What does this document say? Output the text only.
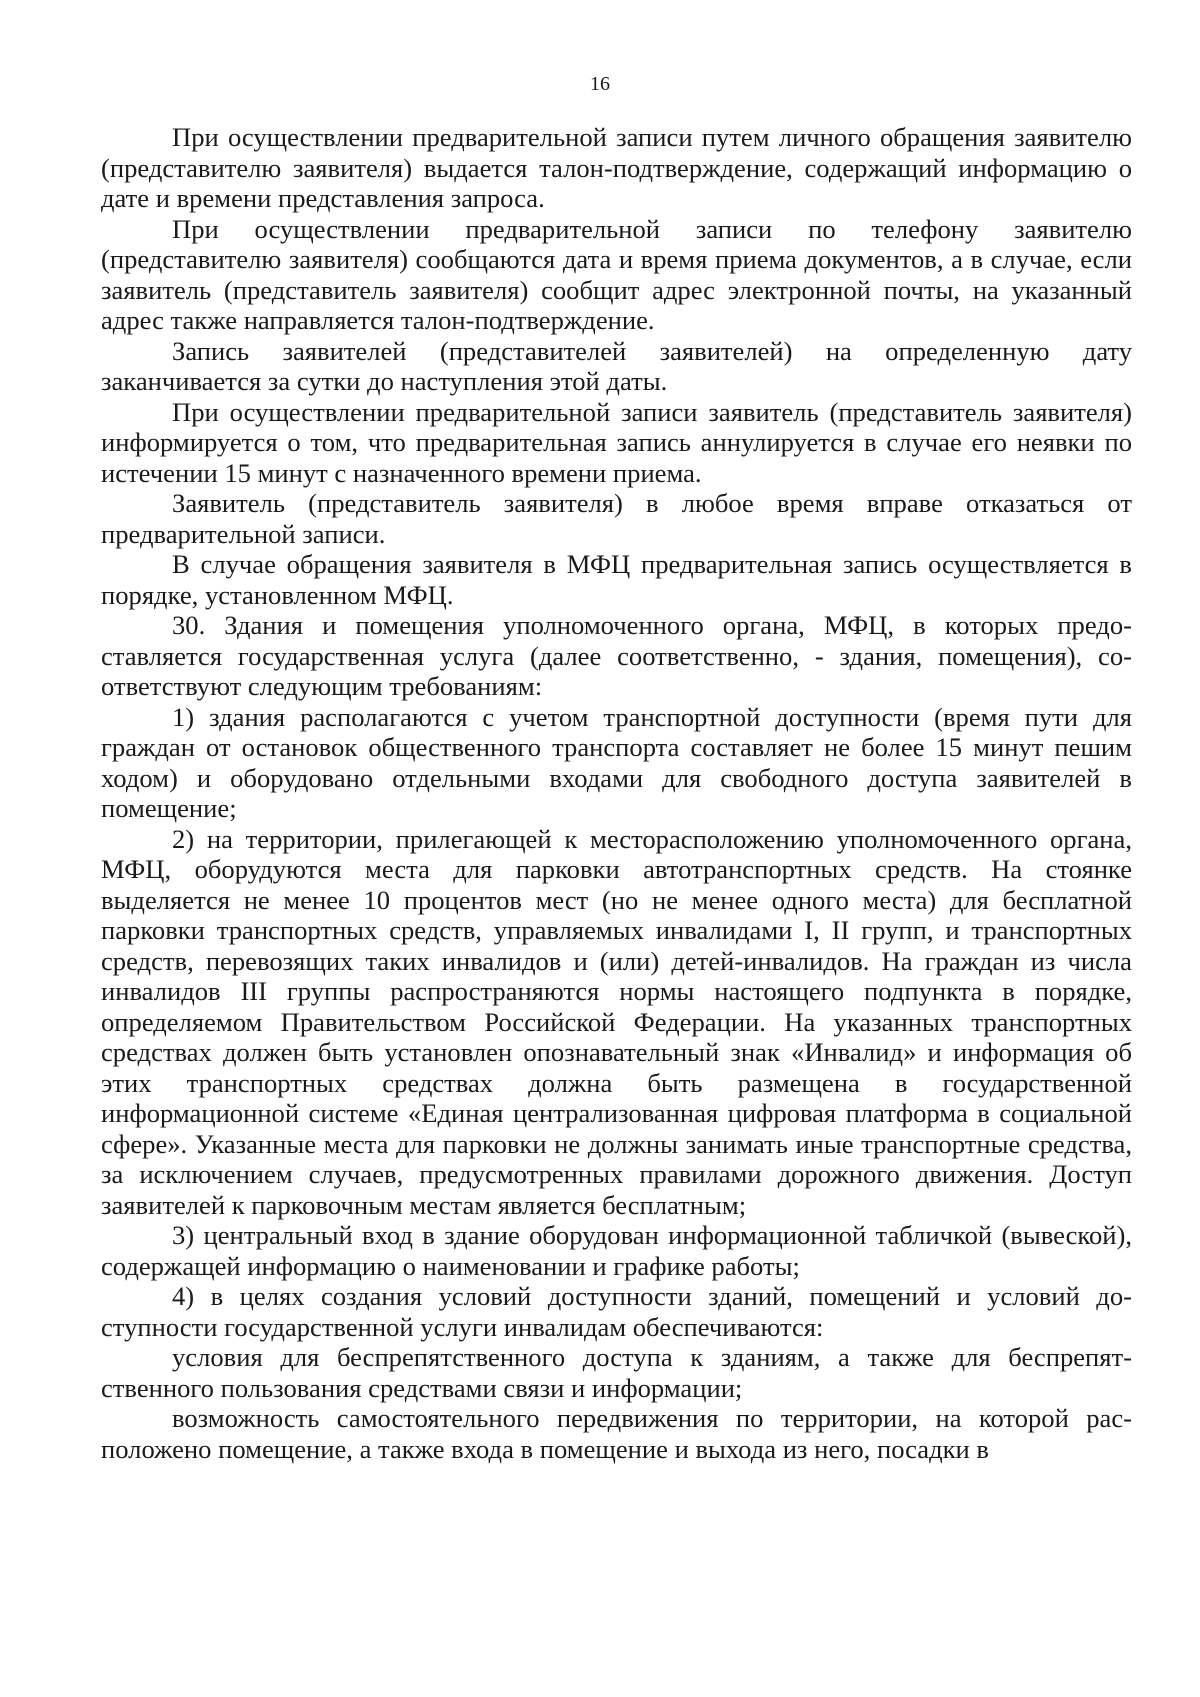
16

При осуществлении предварительной записи путем личного обращения заявителю (представителю заявителя) выдается талон-подтверждение, содержащий информацию о дате и времени представления запроса.

При осуществлении предварительной записи по телефону заявителю (представителю заявителя) сообщаются дата и время приема документов, а в случае, если заявитель (представитель заявителя) сообщит адрес электронной почты, на указанный адрес также направляется талон-подтверждение.

Запись заявителей (представителей заявителей) на определенную дату заканчивается за сутки до наступления этой даты.

При осуществлении предварительной записи заявитель (представитель заявителя) информируется о том, что предварительная запись аннулируется в случае его неявки по истечении 15 минут с назначенного времени приема.

Заявитель (представитель заявителя) в любое время вправе отказаться от предварительной записи.

В случае обращения заявителя в МФЦ предварительная запись осуществляется в порядке, установленном МФЦ.

30. Здания и помещения уполномоченного органа, МФЦ, в которых предоставляется государственная услуга (далее соответственно, - здания, помещения), соответствуют следующим требованиям:

1) здания располагаются с учетом транспортной доступности (время пути для граждан от остановок общественного транспорта составляет не более 15 минут пешим ходом) и оборудовано отдельными входами для свободного доступа заявителей в помещение;

2) на территории, прилегающей к месторасположению уполномоченного органа, МФЦ, оборудуются места для парковки автотранспортных средств. На стоянке выделяется не менее 10 процентов мест (но не менее одного места) для бесплатной парковки транспортных средств, управляемых инвалидами I, II групп, и транспортных средств, перевозящих таких инвалидов и (или) детей-инвалидов. На граждан из числа инвалидов III группы распространяются нормы настоящего подпункта в порядке, определяемом Правительством Российской Федерации. На указанных транспортных средствах должен быть установлен опознавательный знак «Инвалид» и информация об этих транспортных средствах должна быть размещена в государственной информационной системе «Единая централизованная цифровая платформа в социальной сфере». Указанные места для парковки не должны занимать иные транспортные средства, за исключением случаев, предусмотренных правилами дорожного движения. Доступ заявителей к парковочным местам является бесплатным;

3) центральный вход в здание оборудован информационной табличкой (вывеской), содержащей информацию о наименовании и графике работы;

4) в целях создания условий доступности зданий, помещений и условий доступности государственной услуги инвалидам обеспечиваются:

условия для беспрепятственного доступа к зданиям, а также для беспрепятственного пользования средствами связи и информации;

возможность самостоятельного передвижения по территории, на которой расположено помещение, а также входа в помещение и выхода из него, посадки в
